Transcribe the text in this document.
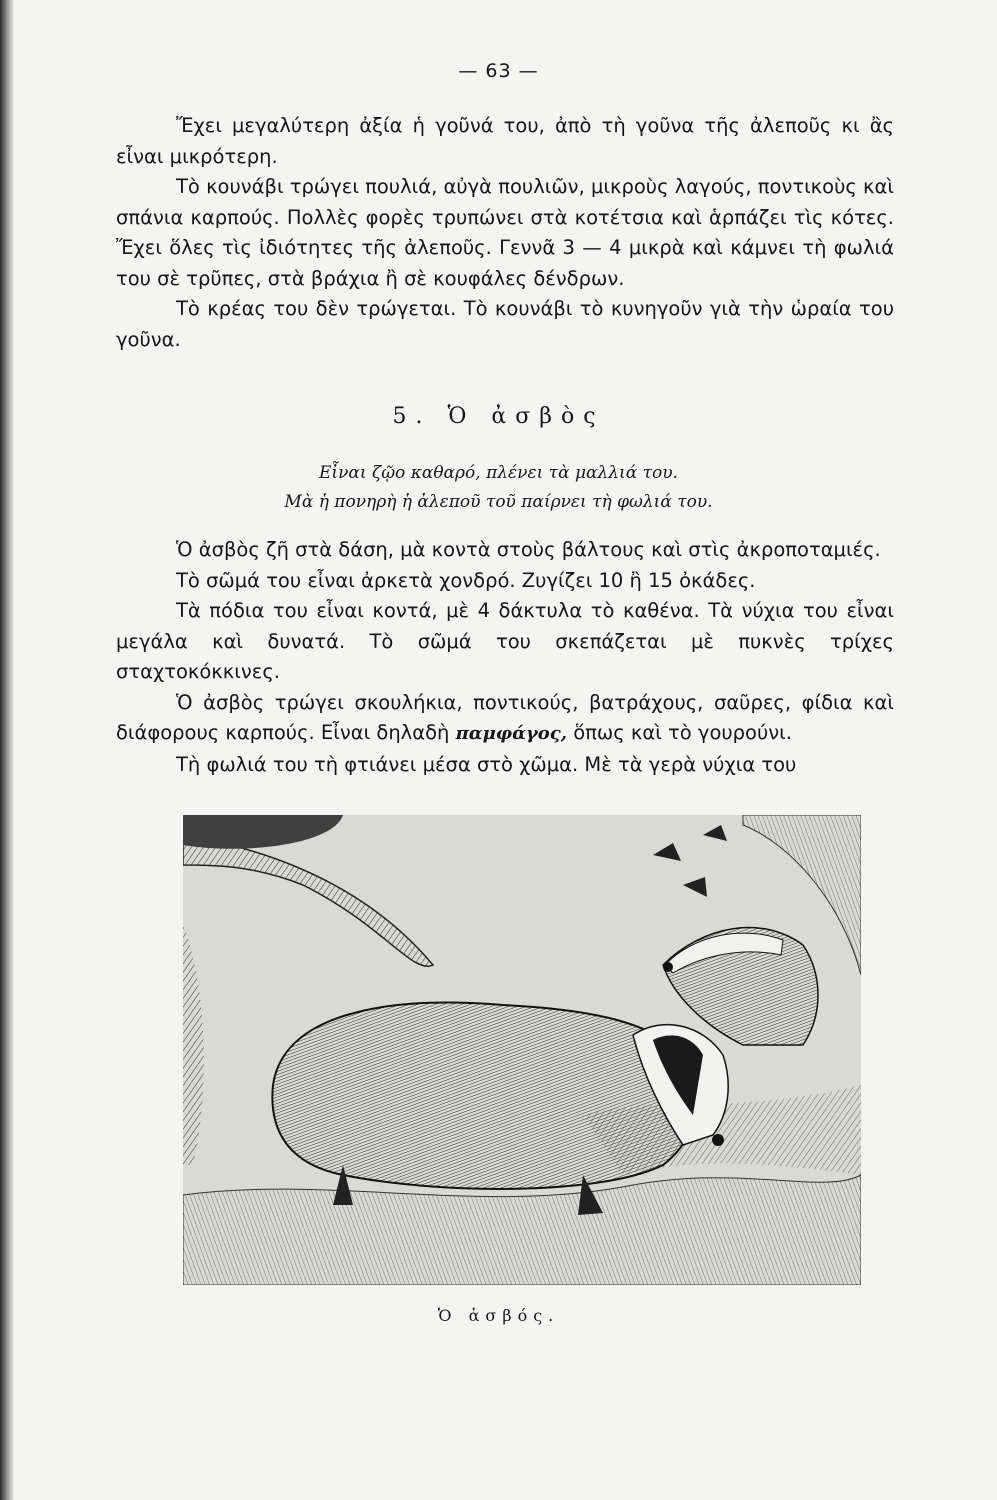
— 63 —

Ἔχει μεγαλύτερη ἀξία ἡ γοῦνά του, ἀπὸ τὴ γοῦνα τῆς ἀλεποῦς κι ἂς εἶναι μικρότερη.

Τὸ κουνάβι τρώγει πουλιά, αὐγὰ πουλιῶν, μικροὺς λαγούς, ποντικοὺς καὶ σπάνια καρπούς. Πολλὲς φορὲς τρυπώνει στὰ κοτέτσια καὶ ἁρπάζει τὶς κότες. Ἔχει ὅλες τὶς ἰδιότητες τῆς ἀλεποῦς. Γεννᾶ 3 — 4 μικρὰ καὶ κάμνει τὴ φωλιά του σὲ τρῦπες, στὰ βράχια ἢ σὲ κουφάλες δένδρων.

Τὸ κρέας του δὲν τρώγεται. Τὸ κουνάβι τὸ κυνηγοῦν γιὰ τὴν ὡραία του γοῦνα.

5. Ὁ ἀσβὸς
Εἶναι ζῷο καθαρό, πλένει τὰ μαλλιά του.
Μὰ ἡ πονηρὴ ἡ ἀλεποῦ τοῦ παίρνει τὴ φωλιά του.

Ὁ ἀσβὸς ζῆ στὰ δάση, μὰ κοντὰ στοὺς βάλτους καὶ στὶς ἀκροποταμιές.

Τὸ σῶμά του εἶναι ἀρκετὰ χονδρό. Ζυγίζει 10 ἢ 15 ὀκάδες.

Τὰ πόδια του εἶναι κοντά, μὲ 4 δάκτυλα τὸ καθένα. Τὰ νύχια του εἶναι μεγάλα καὶ δυνατά. Τὸ σῶμά του σκεπάζεται μὲ πυκνὲς τρίχες σταχτοκόκκινες.

Ὁ ἀσβὸς τρώγει σκουλήκια, ποντικούς, βατράχους, σαῦρες, φίδια καὶ διάφορους καρπούς. Εἶναι δηλαδὴ παμφάγος, ὅπως καὶ τὸ γουρούνι.

Τὴ φωλιά του τὴ φτιάνει μέσα στὸ χῶμα. Μὲ τὰ γερὰ νύχια του

Ὁ ἀσβός.
